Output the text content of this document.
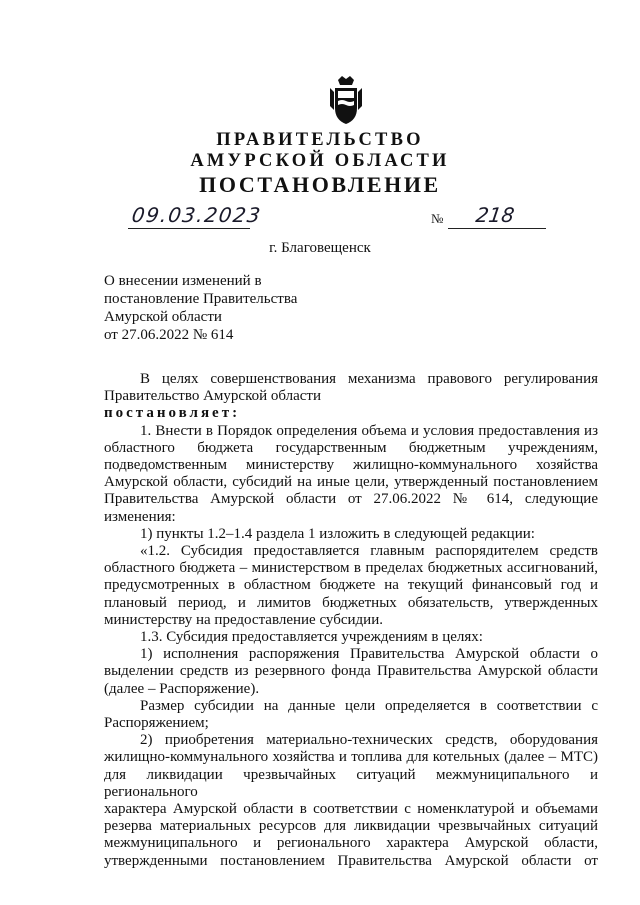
ПРАВИТЕЛЬСТВО
АМУРСКОЙ ОБЛАСТИ
ПОСТАНОВЛЕНИЕ
09.03.2023	№ 218
г. Благовещенск
О внесении изменений в
постановление Правительства
Амурской области
от 27.06.2022 № 614

В целях совершенствования механизма правового регулирования

Правительство Амурской области

постановляет:

1. Внести в Порядок определения объема и условия предоставления из

областного бюджета государственным бюджетным учреждениям,

подведомственным министерству жилищно-коммунального хозяйства

Амурской области, субсидий на иные цели, утвержденный постановлением

Правительства Амурской области от 27.06.2022 № 614, следующие изменения:

1) пункты 1.2–1.4 раздела 1 изложить в следующей редакции:

«1.2. Субсидия предоставляется главным распорядителем средств

областного бюджета – министерством в пределах бюджетных ассигнований,

предусмотренных в областном бюджете на текущий финансовый год и

плановый период, и лимитов бюджетных обязательств, утвержденных

министерству на предоставление субсидии.

1.3. Субсидия предоставляется учреждениям в целях:

1) исполнения распоряжения Правительства Амурской области о

выделении средств из резервного фонда Правительства Амурской области

(далее – Распоряжение).

Размер субсидии на данные цели определяется в соответствии с

Распоряжением;

2) приобретения материально-технических средств, оборудования

жилищно-коммунального хозяйства и топлива для котельных (далее – МТС)

для ликвидации чрезвычайных ситуаций межмуниципального и регионального

характера Амурской области в соответствии с номенклатурой и объемами

резерва материальных ресурсов для ликвидации чрезвычайных ситуаций

межмуниципального и регионального характера Амурской области,

утвержденными постановлением Правительства Амурской области от
